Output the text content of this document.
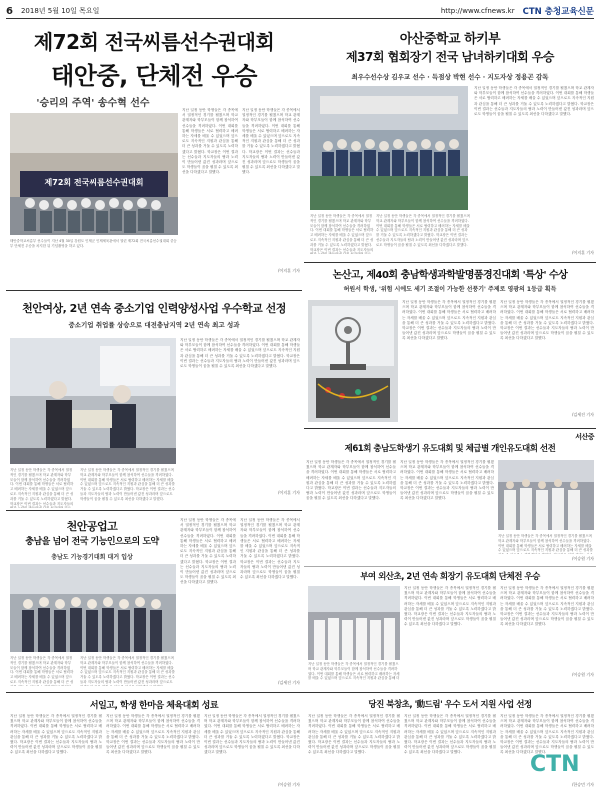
6 2018년 5월 10일 목요일	http://www.cfnews.kr CTN 충청교육신문
제72회 전국씨름선수권대회
태안중, 단체전 우승
'승리의 주역' 송수혁 선수
제72회 전국씨름선수권대회
태안중학교씨름부 선수들이 지난 4월 30일 강원도 인제군 인제체육관에서 열린 제72회 전국씨름선수권대회 중등부 단체전 우승을 차지한 뒤 기념촬영을 하고 있다.
지난 일정 동안 학생들은 각 종목에서 열정적인 경기를 펼쳤으며 학교 관계자와 학부모들이 함께 참석하여 선수들을 격려하였다. 이번 대회를 통해 학생들은 서로 협력하고 배려하는 자세를 배울 수 있었으며 앞으로도 지속적인 지원과 관심을 통해 더 큰 성과를 거둘 수 있도록 노력하겠다고 밝혔다. 학교장은 이번 결과는 선수들과 지도자들의 땀과 노력이 만들어낸 값진 성과라며 앞으로도 학생들이 꿈을 펼칠 수 있도록 최선을 다하겠다고 말했다.
지난 일정 동안 학생들은 각 종목에서 열정적인 경기를 펼쳤으며 학교 관계자와 학부모들이 함께 참석하여 선수들을 격려하였다. 이번 대회를 통해 학생들은 서로 협력하고 배려하는 자세를 배울 수 있었으며 앞으로도 지속적인 지원과 관심을 통해 더 큰 성과를 거둘 수 있도록 노력하겠다고 밝혔다. 학교장은 이번 결과는 선수들과 지도자들의 땀과 노력이 만들어낸 값진 성과라며 앞으로도 학생들이 꿈을 펼칠 수 있도록 최선을 다하겠다고 말했다.
/이지훈 기자
아산중학교 하키부
제37회 협회장기 전국 남녀하키대회 우승
최우수선수상 김우교 선수 · 득점상 박현 선수 · 지도자상 정용곤 감독
지난 일정 동안 학생들은 각 종목에서 열정적인 경기를 펼쳤으며 학교 관계자와 학부모들이 함께 참석하여 선수들을 격려하였다. 이번 대회를 통해 학생들은 서로 협력하고 배려하는 자세를 배울 수 있었으며 앞으로도 지속적인 지원과 관심을 통해 더 큰 성과를 거둘 수 있도록 노력하겠다고 밝혔다. 학교장은 이번 결과는 선수들과 지도자들의
지난 일정 동안 학생들은 각 종목에서 열정적인 경기를 펼쳤으며 학교 관계자와 학부모들이 함께 참석하여 선수들을 격려하였다. 이번 대회를 통해 학생들은 서로 협력하고 배려하는 자세를 배울 수 있었으며 앞으로도 지속적인 지원과 관심을 통해 더 큰 성과를 거둘 수 있도록 노력하겠다고 밝혔다. 학교장은 이번 결과는 선수들과 지도자들의 땀과 노력이 만들어낸 값진 성과라며 앞으로도 학생들이 꿈을 펼칠 수 있도록 최선을 다하겠다고 말했다.
지난 일정 동안 학생들은 각 종목에서 열정적인 경기를 펼쳤으며 학교 관계자와 학부모들이 함께 참석하여 선수들을 격려하였다. 이번 대회를 통해 학생들은 서로 협력하고 배려하는 자세를 배울 수 있었으며 앞으로도 지속적인 지원과 관심을 통해 더 큰 성과를 거둘 수 있도록 노력하겠다고 밝혔다. 학교장은 이번 결과는 선수들과 지도자들의 땀과 노력이 만들어낸 값진 성과라며 앞으로도 학생들이 꿈을 펼칠 수 있도록 최선을 다하겠다고 말했다.
/이지훈 기자
논산고, 제40회 충남학생과학발명품경진대회 '특상' 수상
허원서 학생, '위험 시에도 세기 조절이 가능한 선풍기' 주제로 영광의 1등급 획득
지난 일정 동안 학생들은 각 종목에서 열정적인 경기를 펼쳤으며 학교 관계자와 학부모들이 함께 참석하여 선수들을 격려하였다. 이번 대회를 통해 학생들은 서로 협력하고 배려하는 자세를 배울 수 있었으며 앞으로도 지속적인 지원과 관심을 통해 더 큰 성과를 거둘 수 있도록 노력하겠다고 밝혔다. 학교장은 이번 결과는 선수들과 지도자들의 땀과 노력이 만들어낸 값진 성과라며 앞으로도 학생들이 꿈을 펼칠 수 있도록 최선을 다하겠다고 말했다.
지난 일정 동안 학생들은 각 종목에서 열정적인 경기를 펼쳤으며 학교 관계자와 학부모들이 함께 참석하여 선수들을 격려하였다. 이번 대회를 통해 학생들은 서로 협력하고 배려하는 자세를 배울 수 있었으며 앞으로도 지속적인 지원과 관심을 통해 더 큰 성과를 거둘 수 있도록 노력하겠다고 밝혔다. 학교장은 이번 결과는 선수들과 지도자들의 땀과 노력이 만들어낸 값진 성과라며 앞으로도 학생들이 꿈을 펼칠 수 있도록 최선을 다하겠다고 말했다.
/김세진 기자
천안여상, 2년 연속 중소기업 인력양성사업 우수학교 선정
중소기업 취업률 상승으로 대전충남지역 2년 연속 최고 성과
지난 일정 동안 학생들은 각 종목에서 열정적인 경기를 펼쳤으며 학교 관계자와 학부모들이 함께 참석하여 선수들을 격려하였다. 이번 대회를 통해 학생들은 서로 협력하고 배려하는 자세를 배울 수 있었으며 앞으로도 지속적인 지원과 관심을 통해 더 큰 성과를 거둘 수 있도록 노력하겠다고 밝혔다. 학교장은 이번 결과는 선수들과 지도자들의
지난 일정 동안 학생들은 각 종목에서 열정적인 경기를 펼쳤으며 학교 관계자와 학부모들이 함께 참석하여 선수들을 격려하였다. 이번 대회를 통해 학생들은 서로 협력하고 배려하는 자세를 배울 수 있었으며 앞으로도 지속적인 지원과 관심을 통해 더 큰 성과를 거둘 수 있도록 노력하겠다고 밝혔다. 학교장은 이번 결과는 선수들과 지도자들의 땀과 노력이 만들어낸 값진 성과라며 앞으로도 학생들이 꿈을 펼칠 수 있도록 최선을 다하겠다고 말했다.
지난 일정 동안 학생들은 각 종목에서 열정적인 경기를 펼쳤으며 학교 관계자와 학부모들이 함께 참석하여 선수들을 격려하였다. 이번 대회를 통해 학생들은 서로 협력하고 배려하는 자세를 배울 수 있었으며 앞으로도 지속적인 지원과 관심을 통해 더 큰 성과를 거둘 수 있도록 노력하겠다고 밝혔다. 학교장은 이번 결과는 선수들과 지도자들의 땀과 노력이 만들어낸 값진 성과라며 앞으로도 학생들이 꿈을 펼칠 수 있도록 최선을 다하겠다고 말했다.
/이지훈 기자
천안공업고
충남을 넘어 전국 기능인으로의 도약
충남도 기능경기대회 대거 입상
지난 일정 동안 학생들은 각 종목에서 열정적인 경기를 펼쳤으며 학교 관계자와 학부모들이 함께 참석하여 선수들을 격려하였다. 이번 대회를 통해 학생들은 서로 협력하고 배려하는 자세를 배울 수 있었으며 앞으로도 지속적인 지원과 관심을 통해 더 큰 성
지난 일정 동안 학생들은 각 종목에서 열정적인 경기를 펼쳤으며 학교 관계자와 학부모들이 함께 참석하여 선수들을 격려하였다. 이번 대회를 통해 학생들은 서로 협력하고 배려하는 자세를 배울 수 있었으며 앞으로도 지속적인 지원과 관심을 통해 더 큰 성과를 거둘 수 있도록 노력하겠다고 밝혔다. 학교장은 이번 결과는 선수들과 지도자들의 땀과 노력이 만들어낸 값진 성과라며 앞으로도
지난 일정 동안 학생들은 각 종목에서 열정적인 경기를 펼쳤으며 학교 관계자와 학부모들이 함께 참석하여 선수들을 격려하였다. 이번 대회를 통해 학생들은 서로 협력하고 배려하는 자세를 배울 수 있었으며 앞으로도 지속적인 지원과 관심을 통해 더 큰 성과를 거둘 수 있도록 노력하겠다고 밝혔다. 학교장은 이번 결과는 선수들과 지도자들의 땀과 노력이 만들어낸 값진 성과라며 앞으로도 학생들이 꿈을 펼칠 수 있도록 최선을 다하겠다고 말했다.
지난 일정 동안 학생들은 각 종목에서 열정적인 경기를 펼쳤으며 학교 관계자와 학부모들이 함께 참석하여 선수들을 격려하였다. 이번 대회를 통해 학생들은 서로 협력하고 배려하는 자세를 배울 수 있었으며 앞으로도 지속적인 지원과 관심을 통해 더 큰 성과를 거둘 수 있도록 노력하겠다고 밝혔다. 학교장은 이번 결과는 선수들과 지도자들의 땀과 노력이 만들어낸 값진 성과라며 앞으로도 학생들이 꿈을 펼칠 수 있도록 최선을 다하겠다고 말했다.
/김세진 기자
서산중
제61회 충남도학생기 유도대회 및 체급별 개인유도대회 선전
지난 일정 동안 학생들은 각 종목에서 열정적인 경기를 펼쳤으며 학교 관계자와 학부모들이 함께 참석하여 선수들을 격려하였다. 이번 대회를 통해 학생들은 서로 협력하고 배려하는 자세를 배울 수 있었으며 앞으로도 지속적인 지원과 관심을 통해 더 큰 성과를 거둘 수 있도록 노력하겠다고 밝혔다. 학교장은 이번 결과는 선수들과 지도자들의 땀과 노력이 만들어낸 값진 성과라며 앞으로도 학생들이 꿈을 펼칠 수 있도록 최선을 다하겠다고 말했다.
지난 일정 동안 학생들은 각 종목에서 열정적인 경기를 펼쳤으며 학교 관계자와 학부모들이 함께 참석하여 선수들을 격려하였다. 이번 대회를 통해 학생들은 서로 협력하고 배려하는 자세를 배울 수 있었으며 앞으로도 지속적인 지원과 관심을 통해 더 큰 성과를 거둘 수 있도록 노력하겠다고 밝혔다. 학교장은 이번 결과는 선수들과 지도자들의 땀과 노력이 만들어낸 값진 성과라며 앞으로도 학생들이 꿈을 펼칠 수 있도록 최선을 다하겠다고 말했다.
지난 일정 동안 학생들은 각 종목에서 열정적인 경기를 펼쳤으며 학교 관계자와 학부모들이 함께 참석하여 선수들을 격려하였다. 이번 대회를 통해 학생들은 서로 협력하고 배려하는 자세를 배울 수 있었으며 앞으로도 지속적인 지원과 관심을 통해 더 큰 성과를
/이승원 기자
부여 외산초, 2년 연속 회장기 유도대회 단체전 우승
지난 일정 동안 학생들은 각 종목에서 열정적인 경기를 펼쳤으며 학교 관계자와 학부모들이 함께 참석하여 선수들을 격려하였다. 이번 대회를 통해 학생들은 서로 협력하고 배려하는 자세를 배울 수 있었으며 앞으로도 지속적인 지원과 관심을 통해 더
지난 일정 동안 학생들은 각 종목에서 열정적인 경기를 펼쳤으며 학교 관계자와 학부모들이 함께 참석하여 선수들을 격려하였다. 이번 대회를 통해 학생들은 서로 협력하고 배려하는 자세를 배울 수 있었으며 앞으로도 지속적인 지원과 관심을 통해 더 큰 성과를 거둘 수 있도록 노력하겠다고 밝혔다. 학교장은 이번 결과는 선수들과 지도자들의 땀과 노력이 만들어낸 값진 성과라며 앞으로도 학생들이 꿈을 펼칠 수 있도록 최선을 다하겠다고 말했다.
지난 일정 동안 학생들은 각 종목에서 열정적인 경기를 펼쳤으며 학교 관계자와 학부모들이 함께 참석하여 선수들을 격려하였다. 이번 대회를 통해 학생들은 서로 협력하고 배려하는 자세를 배울 수 있었으며 앞으로도 지속적인 지원과 관심을 통해 더 큰 성과를 거둘 수 있도록 노력하겠다고 밝혔다. 학교장은 이번 결과는 선수들과 지도자들의 땀과 노력이 만들어낸 값진 성과라며 앞으로도 학생들이 꿈을 펼칠 수 있도록 최선을 다하겠다고 말했다.
/이승원 기자
서일고, 학생 한마음 체육대회 성료
지난 일정 동안 학생들은 각 종목에서 열정적인 경기를 펼쳤으며 학교 관계자와 학부모들이 함께 참석하여 선수들을 격려하였다. 이번 대회를 통해 학생들은 서로 협력하고 배려하는 자세를 배울 수 있었으며 앞으로도 지속적인 지원과 관심을 통해 더 큰 성과를 거둘 수 있도록 노력하겠다고 밝혔다. 학교장은 이번 결과는 선수들과 지도자들의 땀과 노력이 만들어낸 값진 성과라며 앞으로도 학생들이 꿈을 펼칠 수 있도록 최선을 다하겠다고 말했다.
지난 일정 동안 학생들은 각 종목에서 열정적인 경기를 펼쳤으며 학교 관계자와 학부모들이 함께 참석하여 선수들을 격려하였다. 이번 대회를 통해 학생들은 서로 협력하고 배려하는 자세를 배울 수 있었으며 앞으로도 지속적인 지원과 관심을 통해 더 큰 성과를 거둘 수 있도록 노력하겠다고 밝혔다. 학교장은 이번 결과는 선수들과 지도자들의 땀과 노력이 만들어낸 값진 성과라며 앞으로도 학생들이 꿈을 펼칠 수 있도록 최선을 다하겠다고 말했다.
지난 일정 동안 학생들은 각 종목에서 열정적인 경기를 펼쳤으며 학교 관계자와 학부모들이 함께 참석하여 선수들을 격려하였다. 이번 대회를 통해 학생들은 서로 협력하고 배려하는 자세를 배울 수 있었으며 앞으로도 지속적인 지원과 관심을 통해 더 큰 성과를 거둘 수 있도록 노력하겠다고 밝혔다. 학교장은 이번 결과는 선수들과 지도자들의 땀과 노력이 만들어낸 값진 성과라며 앞으로도 학생들이 꿈을 펼칠 수 있도록 최선을 다하겠다고 말했다.
/이승원 기자
당진 북창초, '動드림' 우수 도서 지원 사업 선정
지난 일정 동안 학생들은 각 종목에서 열정적인 경기를 펼쳤으며 학교 관계자와 학부모들이 함께 참석하여 선수들을 격려하였다. 이번 대회를 통해 학생들은 서로 협력하고 배려하는 자세를 배울 수 있었으며 앞으로도 지속적인 지원과 관심을 통해 더 큰 성과를 거둘 수 있도록 노력하겠다고 밝혔다. 학교장은 이번 결과는 선수들과 지도자들의 땀과 노력이 만들어낸 값진 성과라며 앞으로도 학생들이 꿈을 펼칠 수 있도록 최선을 다하겠다고 말했다.
지난 일정 동안 학생들은 각 종목에서 열정적인 경기를 펼쳤으며 학교 관계자와 학부모들이 함께 참석하여 선수들을 격려하였다. 이번 대회를 통해 학생들은 서로 협력하고 배려하는 자세를 배울 수 있었으며 앞으로도 지속적인 지원과 관심을 통해 더 큰 성과를 거둘 수 있도록 노력하겠다고 밝혔다. 학교장은 이번 결과는 선수들과 지도자들의 땀과 노력이 만들어낸 값진 성과라며 앞으로도 학생들이 꿈을 펼칠 수 있도록 최선을 다하겠다고 말했다.
지난 일정 동안 학생들은 각 종목에서 열정적인 경기를 펼쳤으며 학교 관계자와 학부모들이 함께 참석하여 선수들을 격려하였다. 이번 대회를 통해 학생들은 서로 협력하고 배려하는 자세를 배울 수 있었으며 앞으로도 지속적인 지원과 관심을 통해 더 큰 성과를 거둘 수 있도록 노력하겠다고 밝혔다. 학교장은 이번 결과는 선수들과 지도자들의 땀과 노력이 만들어낸 값진 성과라며 앞으로도 학생들이 꿈을 펼칠 수 있도록 최선을 다하겠다고 말했다.
/한승민 기자
CTN
